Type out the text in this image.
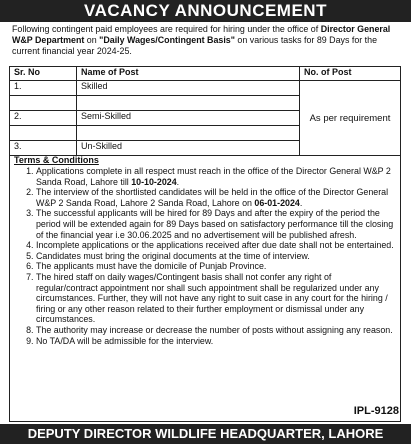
VACANCY ANNOUNCEMENT
Following contingent paid employees are required for hiring under the office of Director General W&P Department on "Daily Wages/Contingent Basis" on various tasks for 89 Days for the current financial year 2024-25.
Sr. No	Name of Post	No. of Post
1.	Skilled	As per requirement

2.	Semi-Skilled	

3.	Un-Skilled	
Terms & Conditions
1. Applications complete in all respect must reach in the office of the Director General W&P 2 Sanda Road, Lahore till 10-10-2024.
2. The interview of the shortlisted candidates will be held in the office of the Director General W&P 2 Sanda Road, Lahore 2 Sanda Road, Lahore on 06-01-2024.
3. The successful applicants will be hired for 89 Days and after the expiry of the period the period will be extended again for 89 Days based on satisfactory performance till the closing of the financial year i.e 30.06.2025 and no advertisement will be published afresh.
4. Incomplete applications or the applications received after due date shall not be entertained.
5. Candidates must bring the original documents at the time of interview.
6. The applicants must have the domicile of Punjab Province.
7. The hired staff on daily wages/Contingent basis shall not confer any right of regular/contract appointment nor shall such appointment shall be regularized under any circumstances. Further, they will not have any right to suit case in any court for the hiring / firing or any other reason related to their further employment or dismissal under any circumstances.
8. The authority may increase or decrease the number of posts without assigning any reason.
9. No TA/DA will be admissible for the interview.
IPL-9128
DEPUTY DIRECTOR WILDLIFE HEADQUARTER, LAHORE
